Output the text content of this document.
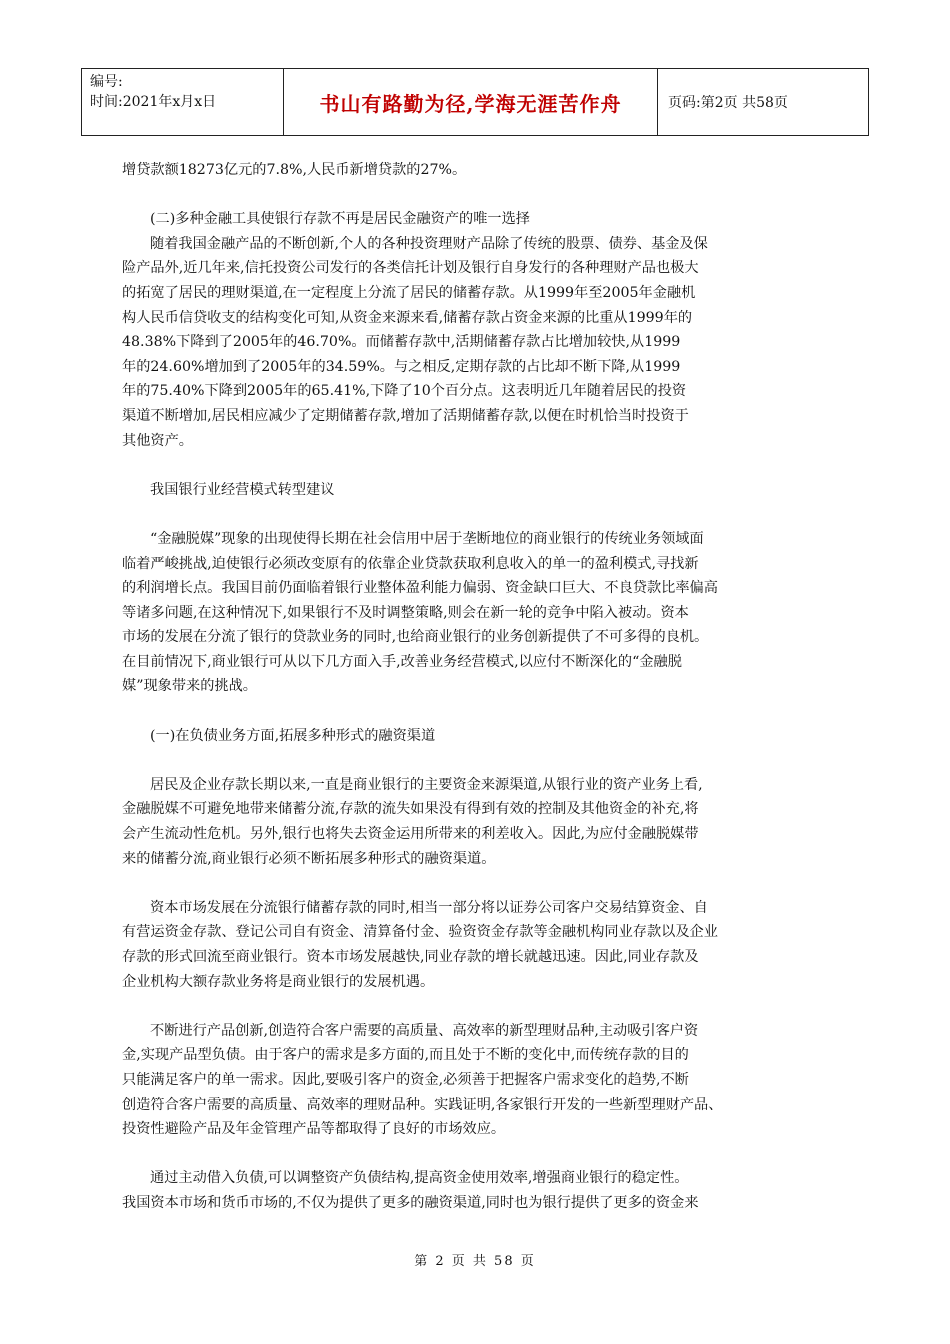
编号:
时间:2021年x月x日	书山有路勤为径,学海无涯苦作舟	页码:第2页 共58页

增贷款额18273亿元的7.8%,人民币新增贷款的27%。

(二)多种金融工具使银行存款不再是居民金融资产的唯一选择

随着我国金融产品的不断创新,个人的各种投资理财产品除了传统的股票、债券、基金及保

险产品外,近几年来,信托投资公司发行的各类信托计划及银行自身发行的各种理财产品也极大

的拓宽了居民的理财渠道,在一定程度上分流了居民的储蓄存款。从1999年至2005年金融机

构人民币信贷收支的结构变化可知,从资金来源来看,储蓄存款占资金来源的比重从1999年的

48.38%下降到了2005年的46.70%。而储蓄存款中,活期储蓄存款占比增加较快,从1999

年的24.60%增加到了2005年的34.59%。与之相反,定期存款的占比却不断下降,从1999

年的75.40%下降到2005年的65.41%,下降了10个百分点。这表明近几年随着居民的投资

渠道不断增加,居民相应减少了定期储蓄存款,增加了活期储蓄存款,以便在时机恰当时投资于

其他资产。

我国银行业经营模式转型建议

“金融脱媒”现象的出现使得长期在社会信用中居于垄断地位的商业银行的传统业务领域面

临着严峻挑战,迫使银行必须改变原有的依靠企业贷款获取利息收入的单一的盈利模式,寻找新

的利润增长点。我国目前仍面临着银行业整体盈利能力偏弱、资金缺口巨大、不良贷款比率偏高

等诸多问题,在这种情况下,如果银行不及时调整策略,则会在新一轮的竞争中陷入被动。资本

市场的发展在分流了银行的贷款业务的同时,也给商业银行的业务创新提供了不可多得的良机。

在目前情况下,商业银行可从以下几方面入手,改善业务经营模式,以应付不断深化的“金融脱

媒”现象带来的挑战。

(一)在负债业务方面,拓展多种形式的融资渠道

居民及企业存款长期以来,一直是商业银行的主要资金来源渠道,从银行业的资产业务上看,

金融脱媒不可避免地带来储蓄分流,存款的流失如果没有得到有效的控制及其他资金的补充,将

会产生流动性危机。另外,银行也将失去资金运用所带来的利差收入。因此,为应付金融脱媒带

来的储蓄分流,商业银行必须不断拓展多种形式的融资渠道。

资本市场发展在分流银行储蓄存款的同时,相当一部分将以证券公司客户交易结算资金、自

有营运资金存款、登记公司自有资金、清算备付金、验资资金存款等金融机构同业存款以及企业

存款的形式回流至商业银行。资本市场发展越快,同业存款的增长就越迅速。因此,同业存款及

企业机构大额存款业务将是商业银行的发展机遇。

不断进行产品创新,创造符合客户需要的高质量、高效率的新型理财品种,主动吸引客户资

金,实现产品型负债。由于客户的需求是多方面的,而且处于不断的变化中,而传统存款的目的

只能满足客户的单一需求。因此,要吸引客户的资金,必须善于把握客户需求变化的趋势,不断

创造符合客户需要的高质量、高效率的理财品种。实践证明,各家银行开发的一些新型理财产品、

投资性避险产品及年金管理产品等都取得了良好的市场效应。

通过主动借入负债,可以调整资产负债结构,提高资金使用效率,增强商业银行的稳定性。

我国资本市场和货币市场的,不仅为提供了更多的融资渠道,同时也为银行提供了更多的资金来

第 2 页 共 58 页
